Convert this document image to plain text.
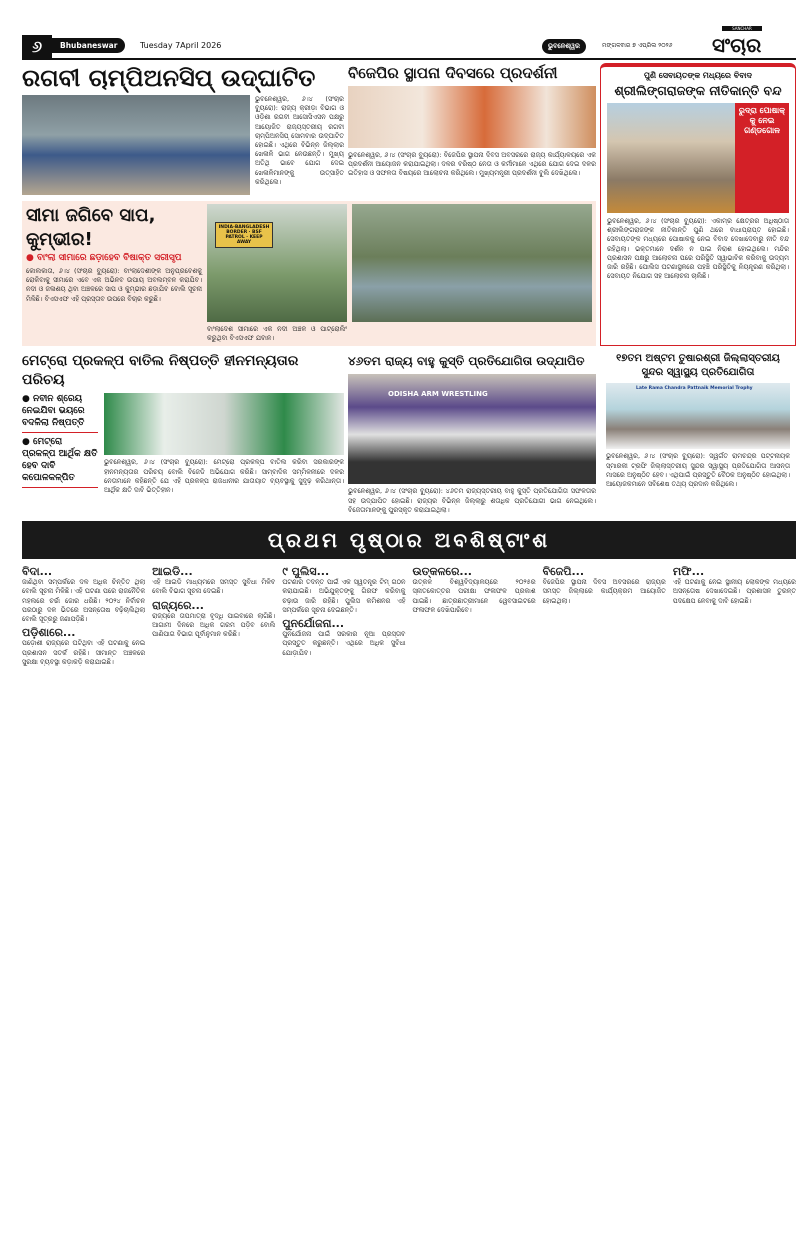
୬	Bhubaneswar	Tuesday 7April 2026	ଭୁବନେଶ୍ୱର	ମଙ୍ଗଳବାର ୭ ଏପ୍ରିଲ ୨୦୨୬
SANCHAR
ସଂଚାର
ରଗବୀ ଚାମ୍ପିଅନସିପ୍ ଉଦ୍‌ଘାଟିତ
ଭୁବନେଶ୍ୱର, ୬।୪ (ସଂଚାର ବ୍ୟୁରୋ): ରାଜ୍ୟ କ୍ରୀଡ଼ା ବିଭାଗ ଓ ଓଡ଼ିଶା ରଗବୀ ଆସୋସିଏସନ ପକ୍ଷରୁ ଆୟୋଜିତ ରାଜ୍ୟସ୍ତରୀୟ ରଗବୀ ଚାମ୍ପିଅନସିପ୍ ସୋମବାର ଉଦ୍‌ଘାଟିତ ହୋଇଛି। ଏଥିରେ ବିଭିନ୍ନ ଜିଲ୍ଲାର ଖେଳାଳି ଭାଗ ନେଉଛନ୍ତି। ମୁଖ୍ୟ ଅତିଥି ଭାବେ ଯୋଗ ଦେଇ ଖେଳାଳିମାନଙ୍କୁ ଉତ୍ସାହିତ କରିଥିଲେ।
ବିଜେପିର ସ୍ଥାପନା ଦିବସରେ ପ୍ରଦର୍ଶନୀ
ଭୁବନେଶ୍ୱର, ୬।୪ (ସଂଚାର ବ୍ୟୁରୋ): ବିଜେପିର ସ୍ଥାପନା ଦିବସ ଅବସରରେ ରାଜ୍ୟ କାର୍ଯ୍ୟାଳୟରେ ଏକ ପ୍ରଦର୍ଶନୀ ଆୟୋଜନ କରାଯାଇଥିଲା। ଦଳର ବରିଷ୍ଠ ନେତା ଓ କର୍ମୀମାନେ ଏଥିରେ ଯୋଗ ଦେଇ ଦଳର ଇତିହାସ ଓ ସଫଳତା ବିଷୟରେ ଆଲୋଚନା କରିଥିଲେ। ମୁଖ୍ୟମନ୍ତ୍ରୀ ପ୍ରଦର୍ଶନୀ ବୁଲି ଦେଖିଥିଲେ।
ପୁଣି ସେବାୟତଙ୍କ ମଧ୍ୟରେ ବିବାଦ
ଶ୍ରୀଲିଙ୍ଗରାଜଙ୍କ ନୀତିକାନ୍ତି ବନ୍ଦ
ରୁଦ୍ରା ପୋଷାକ୍ କୁ ନେଇ ଗଣ୍ଡଗୋଳ
ଭୁବନେଶ୍ୱର, ୬।୪ (ସଂଚାର ବ୍ୟୁରୋ): ଏକାମ୍ର କ୍ଷେତ୍ରର ଅଧିଷ୍ଠାତା ଶ୍ରୀଲିଙ୍ଗରାଜଙ୍କ ନୀତିକାନ୍ତି ପୁଣି ଥରେ ବାଧାପ୍ରାପ୍ତ ହୋଇଛି। ସେବାୟତଙ୍କ ମଧ୍ୟରେ ପୋଷାକକୁ ନେଇ ବିବାଦ ଦେଖାଦେବାରୁ ନୀତି ବନ୍ଦ ରହିଥିଲା। ଭକ୍ତମାନେ ଦର୍ଶନ ନ ପାଇ ନିରାଶ ହୋଇଥିଲେ। ମନ୍ଦିର ପ୍ରଶାସନ ପକ୍ଷରୁ ଆଲୋଚନା ପରେ ପରିସ୍ଥିତି ସ୍ୱାଭାବିକ କରିବାକୁ ଉଦ୍ୟମ ଜାରି ରହିଛି। ପୋଲିସ ଘଟଣାସ୍ଥଳରେ ପହଞ୍ଚି ପରିସ୍ଥିତିକୁ ନିୟନ୍ତ୍ରଣ କରିଥିଲା। ସେବାୟତ ନିଯୋଗ ସହ ଆଲୋଚନା ଚାଲିଛି।
ସୀମା ଜଗିବେ ସାପ, କୁମ୍ଭୀର!
● ବାଂଲା ସୀମାରେ ଛଡ଼ାହେବ ବିଷାକ୍ତ ସରୀସୃପ
କୋଲକାତା, ୬।୪ (ସଂଚାର ବ୍ୟୁରୋ): ବାଂଲାଦେଶୀଙ୍କ ଅନୁପ୍ରବେଶକୁ ରୋକିବାକୁ ସୀମାରେ ଏବେ ଏକ ଅଭିନବ ଉପାୟ ଅବଲମ୍ବନ କରାଯିବ। ନଦୀ ଓ ଜଳାଶୟ ଥିବା ଅଞ୍ଚଳରେ ସାପ ଓ କୁମ୍ଭୀର ଛଡ଼ାଯିବ ବୋଲି ସୂଚନା ମିଳିଛି। ବିଏସଏଫ ଏହି ପ୍ରସ୍ତାବ ଉପରେ ବିଚାର କରୁଛି।
INDIA-BANGLADESH BORDER · BSF PATROL · KEEP AWAY
ବାଂଲାଦେଶ ସୀମାରେ ଏକ ନଦୀ ଅଞ୍ଚଳ ଓ ପାଟ୍ରୋଲିଂ କରୁଥିବା ବିଏସଏଫ ଯବାନ।
ମେଟ୍ରୋ ପ୍ରକଳ୍ପ ବାତିଲ ନିଷ୍ପତ୍ତି ହୀନମନ୍ୟତାର ପରିଚୟ
● ନବୀନ ଶ୍ରେୟ ନେଇଯିବା ଭୟରେ ବଦଳିଲା ନିଷ୍ପତ୍ତି
● ମେଟ୍ରୋ ପ୍ରକଳ୍ପ ଆର୍ଥିକ କ୍ଷତି ହେବ ଦାବି କପୋଳକଳ୍ପିତ
ଭୁବନେଶ୍ୱର, ୬।୪ (ସଂଚାର ବ୍ୟୁରୋ): ମେଟ୍ରୋ ପ୍ରକଳ୍ପ ବାତିଲ କରିବା ସରକାରଙ୍କ ହୀନମନ୍ୟତାର ପରିଚୟ ବୋଲି ବିଜେଡି ଅଭିଯୋଗ କରିଛି। ସାମ୍ବାଦିକ ସମ୍ମିଳନୀରେ ଦଳର ନେତାମାନେ କହିଛନ୍ତି ଯେ ଏହି ପ୍ରକଳ୍ପ ରାଜଧାନୀର ଯାତାୟାତ ବ୍ୟବସ୍ଥାକୁ ସୁଦୃଢ଼ କରିଥାନ୍ତା। ଆର୍ଥିକ କ୍ଷତି ଦାବି ଭିତ୍ତିହୀନ।
୪୬ତମ ରାଜ୍ୟ ବାହୁ କୁସ୍ତି ପ୍ରତିଯୋଗିତା ଉଦ୍‌ଯାପିତ
ODISHA ARM WRESTLING
ଭୁବନେଶ୍ୱର, ୬।୪ (ସଂଚାର ବ୍ୟୁରୋ): ୪୬ତମ ରାଜ୍ୟସ୍ତରୀୟ ବାହୁ କୁସ୍ତି ପ୍ରତିଯୋଗିତା ସଫଳତାର ସହ ଉଦ୍‌ଯାପିତ ହୋଇଛି। ରାଜ୍ୟର ବିଭିନ୍ନ ଜିଲ୍ଲାରୁ ଶତାଧିକ ପ୍ରତିଯୋଗୀ ଭାଗ ନେଇଥିଲେ। ବିଜେତାମାନଙ୍କୁ ପୁରସ୍କୃତ କରାଯାଇଥିଲା।
୧୭ତମ ଅଷ୍ଟମ ତୁଷାରଶ୍ରୀ ଜିଲ୍ଲାସ୍ତରୀୟ ସୁନ୍ଦର ସ୍ୱାସ୍ଥ୍ୟ ପ୍ରତିଯୋଗିତା
Late Rama Chandra Pattnaik Memorial Trophy
ଭୁବନେଶ୍ୱର, ୬।୪ (ସଂଚାର ବ୍ୟୁରୋ): ସ୍ୱର୍ଗତ ରାମଚନ୍ଦ୍ର ପଟ୍ଟନାୟକ ସ୍ମାରକୀ ଟ୍ରଫି ଜିଲ୍ଲାସ୍ତରୀୟ ସୁନ୍ଦର ସ୍ୱାସ୍ଥ୍ୟ ପ୍ରତିଯୋଗିତା ଆସନ୍ତା ମାସରେ ଅନୁଷ୍ଠିତ ହେବ। ଏଥିପାଇଁ ପ୍ରସ୍ତୁତି ବୈଠକ ଅନୁଷ୍ଠିତ ହୋଇଥିଲା। ଆୟୋଜକମାନେ ସବିଶେଷ ତଥ୍ୟ ପ୍ରଦାନ କରିଥିଲେ।
ପ୍ରଥମ ପୃଷ୍ଠାର ଅବଶିଷ୍ଟାଂଶ
ବିଦା...

ଜାଣିଥିବା ସମ୍ପର୍କରେ ଦଳ ଅଧିକ ଚିନ୍ତିତ ଥିଲା ବୋଲି ସୂଚନା ମିଳିଛି। ଏହି ଘଟଣା ପରେ ରାଜନୈତିକ ମହଲରେ ଚର୍ଚ୍ଚା ଜୋର ଧରିଛି। ୨୦୨୪ ନିର୍ବାଚନ ପରଠାରୁ ଦଳ ଭିତରେ ଅସନ୍ତୋଷ ବଢ଼ିଚାଲିଥିଲା ବୋଲି ସୂତ୍ରରୁ ଜଣାପଡ଼ିଛି।

ପଡ଼ିଶାରେ...

ପଡ଼ୋଶୀ ରାଜ୍ୟରେ ଘଟିଥିବା ଏହି ଘଟଣାକୁ ନେଇ ପ୍ରଶାସନ ସତର୍କ ରହିଛି। ସୀମାନ୍ତ ଅଞ୍ଚଳରେ ସୁରକ୍ଷା ବ୍ୟବସ୍ଥା କଡ଼ାକଡ଼ି କରାଯାଇଛି।

ଆଇଡି...

ଏହି ଆଇଡି ମାଧ୍ୟମରେ ସମସ୍ତ ସୁବିଧା ମିଳିବ ବୋଲି ବିଭାଗ ସୂଚନା ଦେଇଛି।

ରାଜ୍ୟରେ...

ରାଜ୍ୟରେ ତାପମାତ୍ରା ବୃଦ୍ଧି ପାଇବାରେ ଲାଗିଛି। ଆଗାମୀ ଦିନରେ ଅଧିକ ଗରମ ପଡ଼ିବ ବୋଲି ପାଣିପାଗ ବିଭାଗ ପୂର୍ବାନୁମାନ କରିଛି।

୯ ପୁଲିସ...

ଘଟଣାର ତଦନ୍ତ ପାଇଁ ଏକ ସ୍ୱତନ୍ତ୍ର ଟିମ୍ ଗଠନ କରାଯାଇଛି। ଅଭିଯୁକ୍ତଙ୍କୁ ଗିରଫ କରିବାକୁ ଚଢ଼ାଉ ଜାରି ରହିଛି। ପୁଲିସ କମିଶନର ଏହି ସମ୍ପର୍କରେ ସୂଚନା ଦେଇଛନ୍ତି।

ପୁନର୍ଯୋଜନା...

ପୁନର୍ଯୋଜନା ପାଇଁ ସରକାର ନୂଆ ପ୍ରସ୍ତାବ ପ୍ରସ୍ତୁତ କରୁଛନ୍ତି। ଏଥିରେ ଅଧିକ ସୁବିଧା ଯୋଡ଼ାଯିବ।

ଉତ୍କଳରେ...

ଉତ୍କଳ ବିଶ୍ୱବିଦ୍ୟାଳୟରେ ୨୦୨୫ର ସ୍ନାତକୋତ୍ତର ପରୀକ୍ଷା ଫଳାଫଳ ପ୍ରକାଶ ପାଇଛି। ଛାତ୍ରଛାତ୍ରୀମାନେ ୱେବସାଇଟରେ ଫଳାଫଳ ଦେଖିପାରିବେ।

ବିଜେପି...

ବିଜେପିର ସ୍ଥାପନା ଦିବସ ଅବସରରେ ରାଜ୍ୟର ସମସ୍ତ ଜିଲ୍ଲାରେ କାର୍ଯ୍ୟକ୍ରମ ଆୟୋଜିତ ହୋଇଥିଲା।

ମଫି...

ଏହି ଘଟଣାକୁ ନେଇ ସ୍ଥାନୀୟ ଲୋକଙ୍କ ମଧ୍ୟରେ ଅସନ୍ତୋଷ ଦେଖାଦେଇଛି। ପ୍ରଶାସନ ତୁରନ୍ତ ପଦକ୍ଷେପ ନେବାକୁ ଦାବି ହୋଇଛି।
